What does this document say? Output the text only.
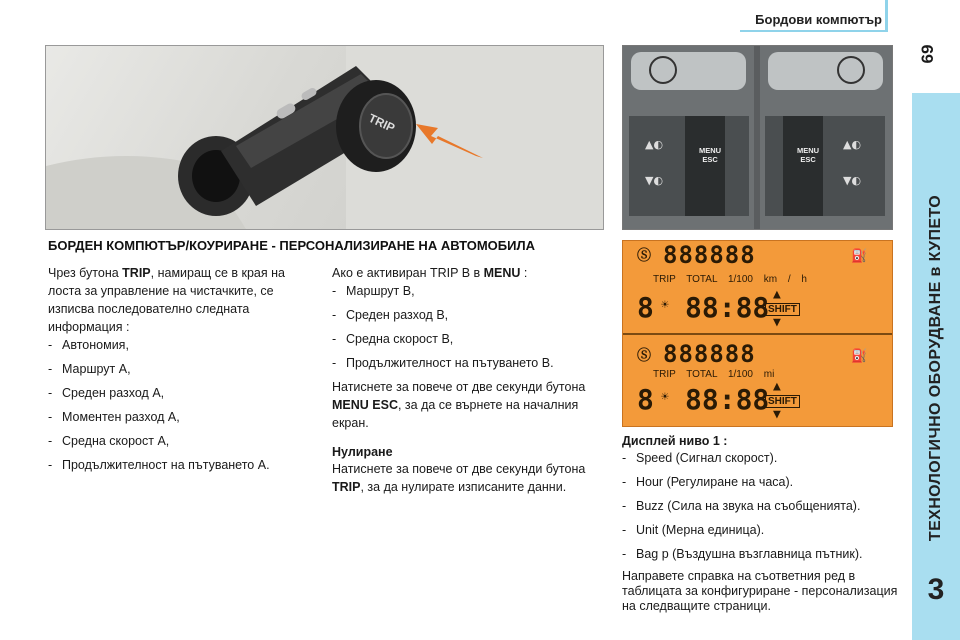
Бордови компютър
69
ТЕХНОЛОГИЧНО ОБОРУДВАНЕ в КУПЕТО
3
TRIP
▲◐
▼◐
▲◐
▼◐
MENU
ESC
MENU
ESC
Ⓢ 888888	⛽
TRIP TOTAL 1/100 km / h
8 ☀ 88:88 ▲
SHIFT
▼
Ⓢ 888888	⛽
TRIP TOTAL 1/100 mi
8 ☀ 88:88 ▲
SHIFT
▼
БОРДЕН КОМПЮТЪР/КОУРИРАНЕ - ПЕРСОНАЛИЗИРАНЕ НА АВТОМОБИЛА
Чрез бутона TRIP, намиращ се в края на лоста за управление на чистачките, се изписва последователно следната информация :
- Автономия,
- Маршрут А,
- Среден разход А,
- Моментен разход А,
- Средна скорост А,
- Продължителност на пътуването А.
Ако е активиран TRIP B в MENU :
- Маршрут B,
- Среден разход B,
- Средна скорост B,
- Продължителност на пътуването B.
Натиснете за повече от две секунди бутона MENU ESC, за да се върнете на началния екран.
Нулиране
Натиснете за повече от две секунди бутона TRIP, за да нулирате изписаните данни.
Дисплей ниво 1 :
- Speed (Сигнал скорост).
- Hour (Регулиране на часа).
- Buzz (Сила на звука на съобщенията).
- Unit (Мерна единица).
- Bag p (Въздушна възглавница пътник).
Направете справка на съответния ред в таблицата за конфигуриране - персонализация на следващите страници.
